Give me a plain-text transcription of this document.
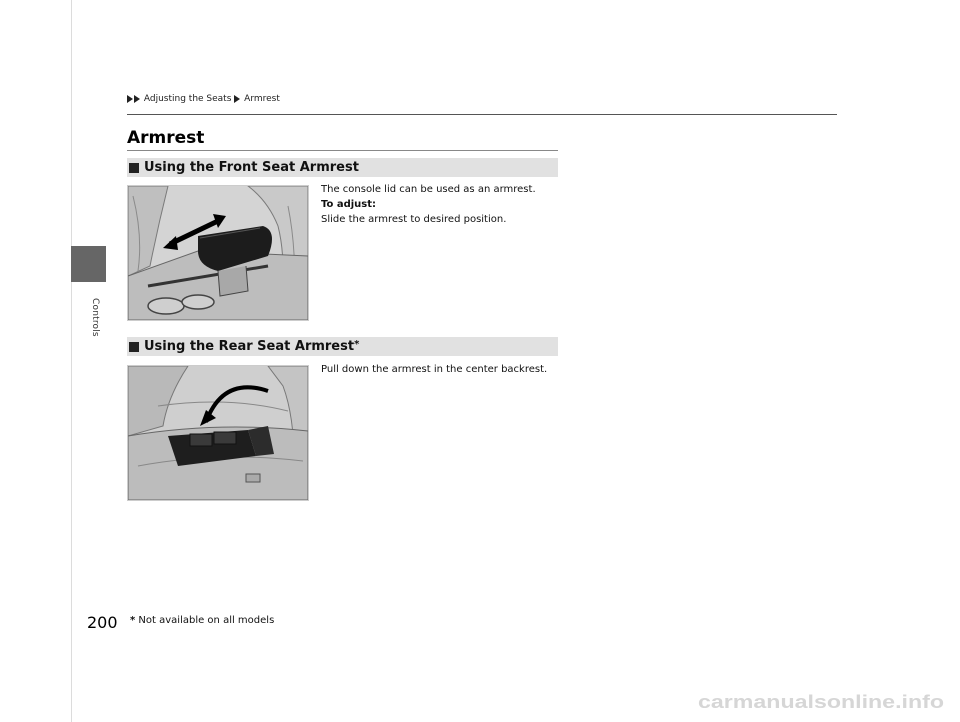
Controls
Adjusting the Seats Armrest
Armrest
Using the Front Seat Armrest
The console lid can be used as an armrest.
To adjust:
Slide the armrest to desired position.
Using the Rear Seat Armrest*
Pull down the armrest in the center backrest.
200 * Not available on all models
carmanualsonline.info
